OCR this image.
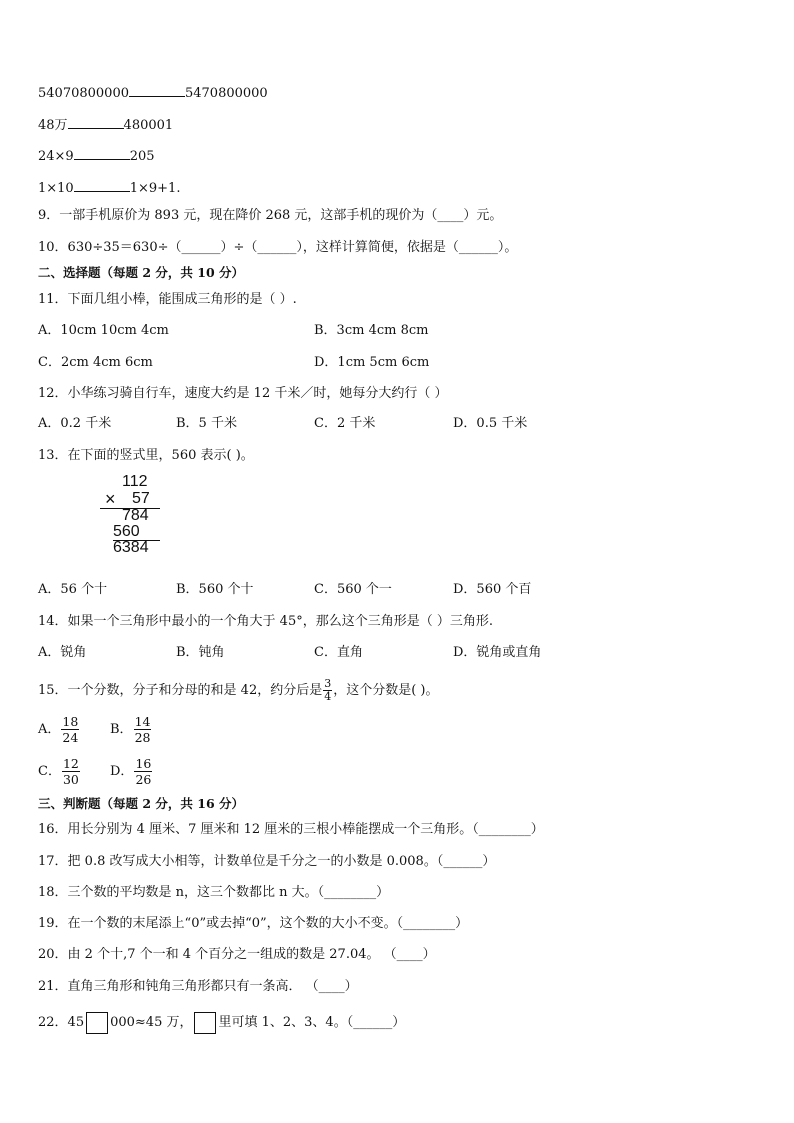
54070800000	5470800000
48万	480001
24×9	205
1×10	1×9+1.
9．一部手机原价为 893 元，现在降价 268 元，这部手机的现价为（____）元。
10．630÷35＝630÷（______）÷（______），这样计算简便，依据是（______）。
二、选择题（每题 2 分，共 10 分）
11．下面几组小棒，能围成三角形的是（ ）.
A．10cm 10cm 4cm	B．3cm 4cm 8cm
C．2cm 4cm 6cm	D．1cm 5cm 6cm
12．小华练习骑自行车，速度大约是 12 千米／时，她每分大约行（ ）
A．0.2 千米	B．5 千米	C．2 千米	D．0.5 千米
13．在下面的竖式里，560 表示( )。
112
× 57
784
560
6384
A．56 个十	B．560 个十	C．560 个一	D．560 个百
14．如果一个三角形中最小的一个角大于 45°，那么这个三角形是（ ）三角形.
A．锐角	B．钝角	C．直角	D．锐角或直角
15．一个分数，分子和分母的和是 42，约分后是 $\frac{3}{4}$ ，这个分数是( )。
A． $\frac{18}{24}$ B． $\frac{14}{28}$
C． $\frac{12}{30}$ D． $\frac{16}{26}$
三、判断题（每题 2 分，共 16 分）
16．用长分别为 4 厘米、7 厘米和 12 厘米的三根小棒能摆成一个三角形。（________）
17．把 0.8 改写成大小相等，计数单位是千分之一的小数是 0.008。（______）
18．三个数的平均数是 n，这三个数都比 n 大。（________）
19．在一个数的末尾添上“0”或去掉“0”，这个数的大小不变。（________）
20．由 2 个十,7 个一和 4 个百分之一组成的数是 27.04。 （____）
21．直角三角形和钝角三角形都只有一条高． （____）
22．45 000≈45 万， 里可填 1、2、3、4。（______）
